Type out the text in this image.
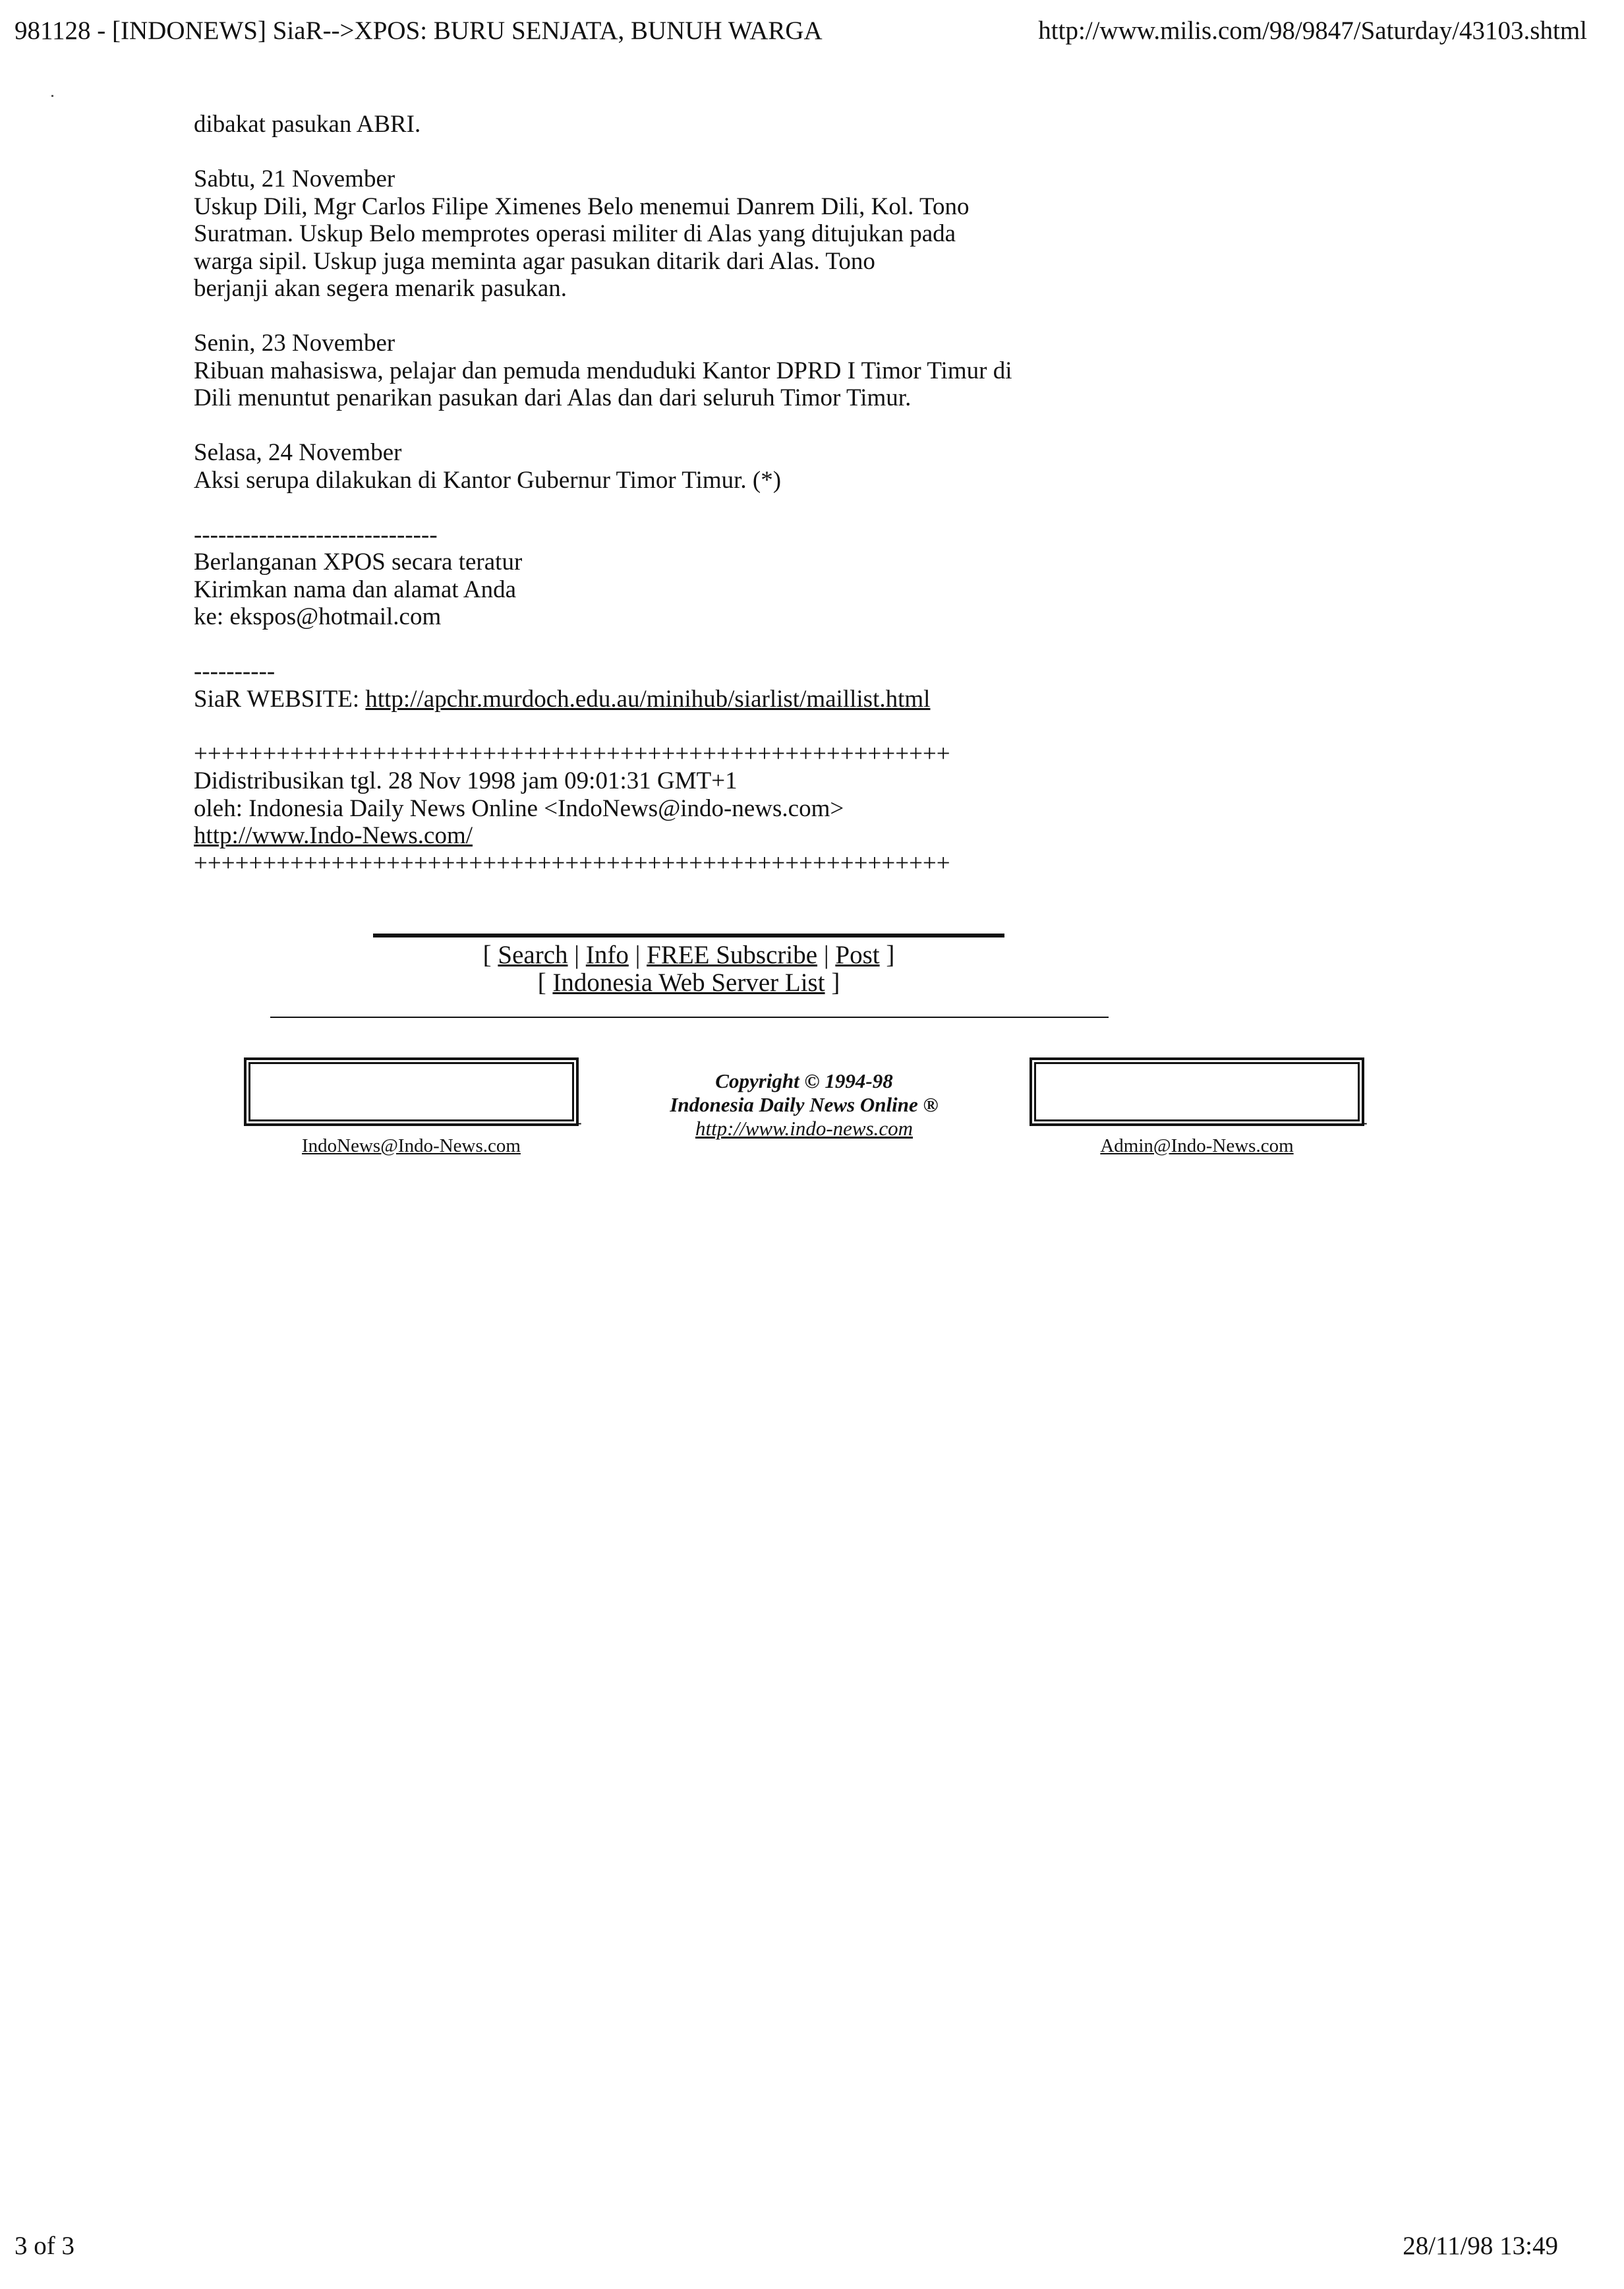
981128 - [INDONEWS] SiaR-->XPOS: BURU SENJATA, BUNUH WARGA	http://www.milis.com/98/9847/Saturday/43103.shtml

dibakat pasukan ABRI.

Sabtu, 21 November
Uskup Dili, Mgr Carlos Filipe Ximenes Belo menemui Danrem Dili, Kol. Tono
Suratman. Uskup Belo memprotes operasi militer di Alas yang ditujukan pada
warga sipil. Uskup juga meminta agar pasukan ditarik dari Alas. Tono
berjanji akan segera menarik pasukan.

Senin, 23 November
Ribuan mahasiswa, pelajar dan pemuda menduduki Kantor DPRD I Timor Timur di
Dili menuntut penarikan pasukan dari Alas dan dari seluruh Timor Timur.

Selasa, 24 November
Aksi serupa dilakukan di Kantor Gubernur Timor Timur. (*)

------------------------------
Berlanganan XPOS secara teratur
Kirimkan nama dan alamat Anda
ke: ekspos@hotmail.com

----------
SiaR WEBSITE: http://apchr.murdoch.edu.au/minihub/siarlist/maillist.html

+++++++++++++++++++++++++++++++++++++++++++++++++++++++
Didistribusikan tgl. 28 Nov 1998 jam 09:01:31 GMT+1
oleh: Indonesia Daily News Online <IndoNews@indo-news.com>
http://www.Indo-News.com/
+++++++++++++++++++++++++++++++++++++++++++++++++++++++

[ Search | Info | FREE Subscribe | Post ]
[ Indonesia Web Server List ]
-
IndoNews@Indo-News.com
Copyright © 1994-98
Indonesia Daily News Online ®
http://www.indo-news.com	-
Admin@Indo-News.com
3 of 3	28/11/98 13:49
